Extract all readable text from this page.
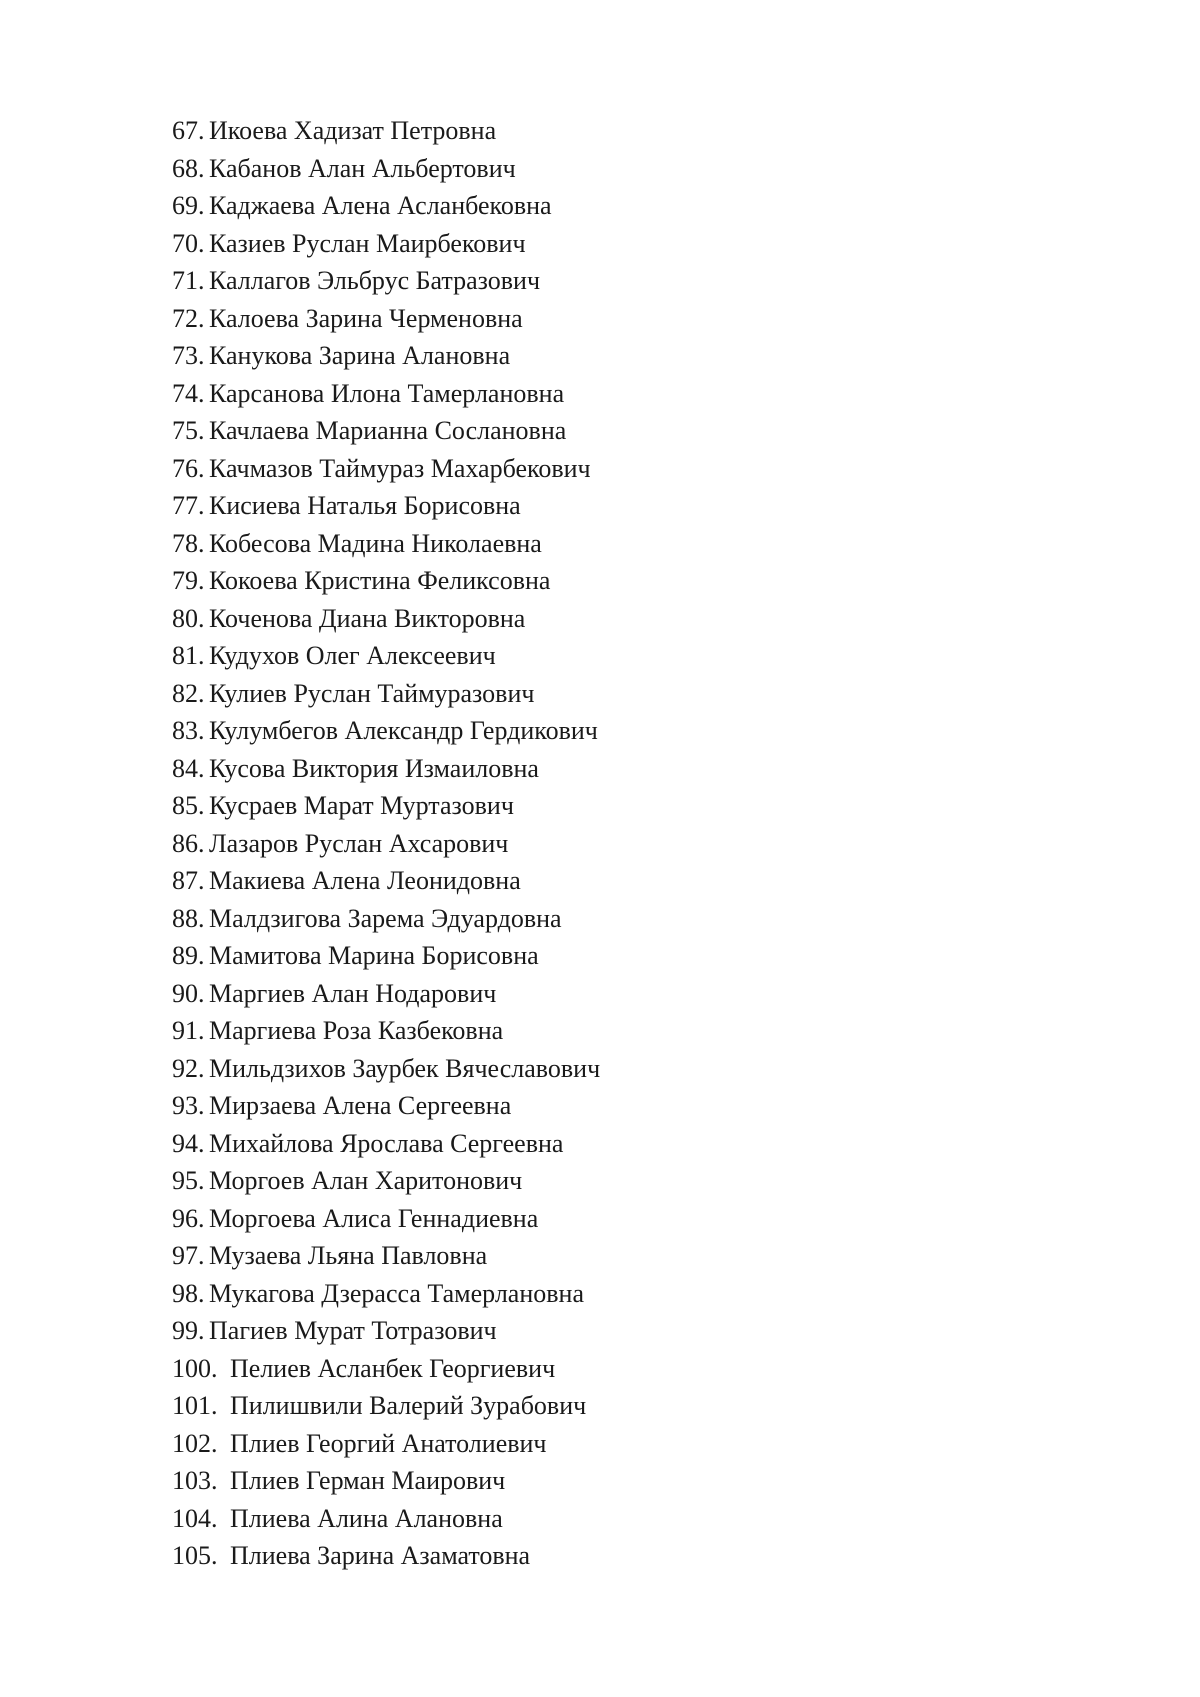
67. Икоева Хадизат Петровна
68. Кабанов Алан Альбертович
69. Каджаева Алена Асланбековна
70. Казиев Руслан Маирбекович
71. Каллагов Эльбрус Батразович
72. Калоева Зарина Черменовна
73. Канукова Зарина Алановна
74. Карсанова Илона Тамерлановна
75. Качлаева Марианна Сослановна
76. Качмазов Таймураз Махарбекович
77. Кисиева Наталья Борисовна
78. Кобесова Мадина Николаевна
79. Кокоева Кристина Феликсовна
80. Коченова Диана Викторовна
81. Кудухов Олег Алексеевич
82. Кулиев Руслан Таймуразович
83. Кулумбегов Александр Гердикович
84. Кусова Виктория Измаиловна
85. Кусраев Марат Муртазович
86. Лазаров Руслан Ахсарович
87. Макиева Алена Леонидовна
88. Малдзигова Зарема Эдуардовна
89. Мамитова Марина Борисовна
90. Маргиев Алан Нодарович
91. Маргиева Роза Казбековна
92. Мильдзихов Заурбек Вячеславович
93. Мирзаева Алена Сергеевна
94. Михайлова Ярослава Сергеевна
95. Моргоев Алан Харитонович
96. Моргоева Алиса Геннадиевна
97. Музаева Льяна Павловна
98. Мукагова Дзерасса Тамерлановна
99. Пагиев Мурат Тотразович
100. Пелиев Асланбек Георгиевич
101. Пилишвили Валерий Зурабович
102. Плиев Георгий Анатолиевич
103. Плиев Герман Маирович
104. Плиева Алина Алановна
105. Плиева Зарина Азаматовна
